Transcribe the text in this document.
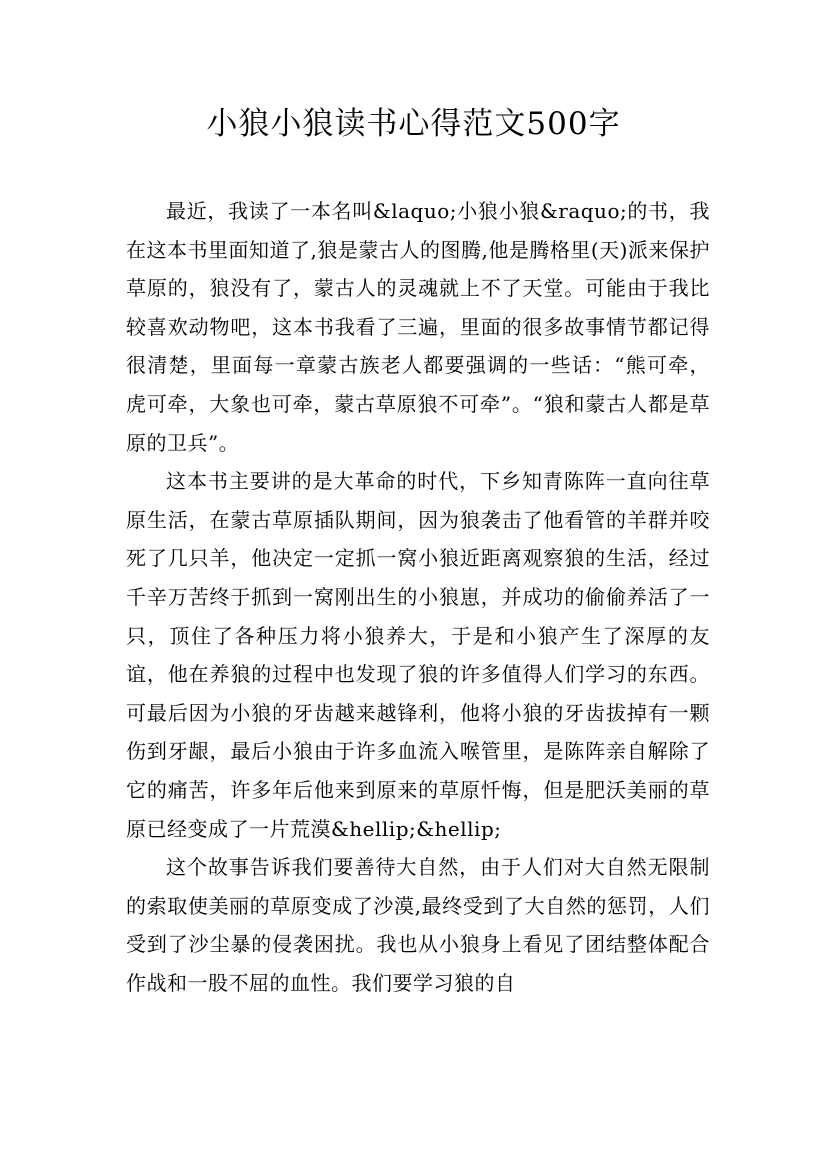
小狼小狼读书心得范文500字

最近，我读了一本名叫&laquo;小狼小狼&raquo;的书，我在这本书里面知道了,狼是蒙古人的图腾,他是腾格里(天)派来保护草原的，狼没有了，蒙古人的灵魂就上不了天堂。可能由于我比较喜欢动物吧，这本书我看了三遍，里面的很多故事情节都记得很清楚，里面每一章蒙古族老人都要强调的一些话：“熊可牵，虎可牵，大象也可牵，蒙古草原狼不可牵”。“狼和蒙古人都是草原的卫兵”。

这本书主要讲的是大革命的时代，下乡知青陈阵一直向往草原生活，在蒙古草原插队期间，因为狼袭击了他看管的羊群并咬死了几只羊，他决定一定抓一窝小狼近距离观察狼的生活，经过千辛万苦终于抓到一窝刚出生的小狼崽，并成功的偷偷养活了一只，顶住了各种压力将小狼养大，于是和小狼产生了深厚的友谊，他在养狼的过程中也发现了狼的许多值得人们学习的东西。可最后因为小狼的牙齿越来越锋利，他将小狼的牙齿拔掉有一颗伤到牙龈，最后小狼由于许多血流入喉管里，是陈阵亲自解除了它的痛苦，许多年后他来到原来的草原忏悔，但是肥沃美丽的草原已经变成了一片荒漠&hellip;&hellip;

这个故事告诉我们要善待大自然，由于人们对大自然无限制的索取使美丽的草原变成了沙漠,最终受到了大自然的惩罚，人们受到了沙尘暴的侵袭困扰。我也从小狼身上看见了团结整体配合作战和一股不屈的血性。我们要学习狼的自
